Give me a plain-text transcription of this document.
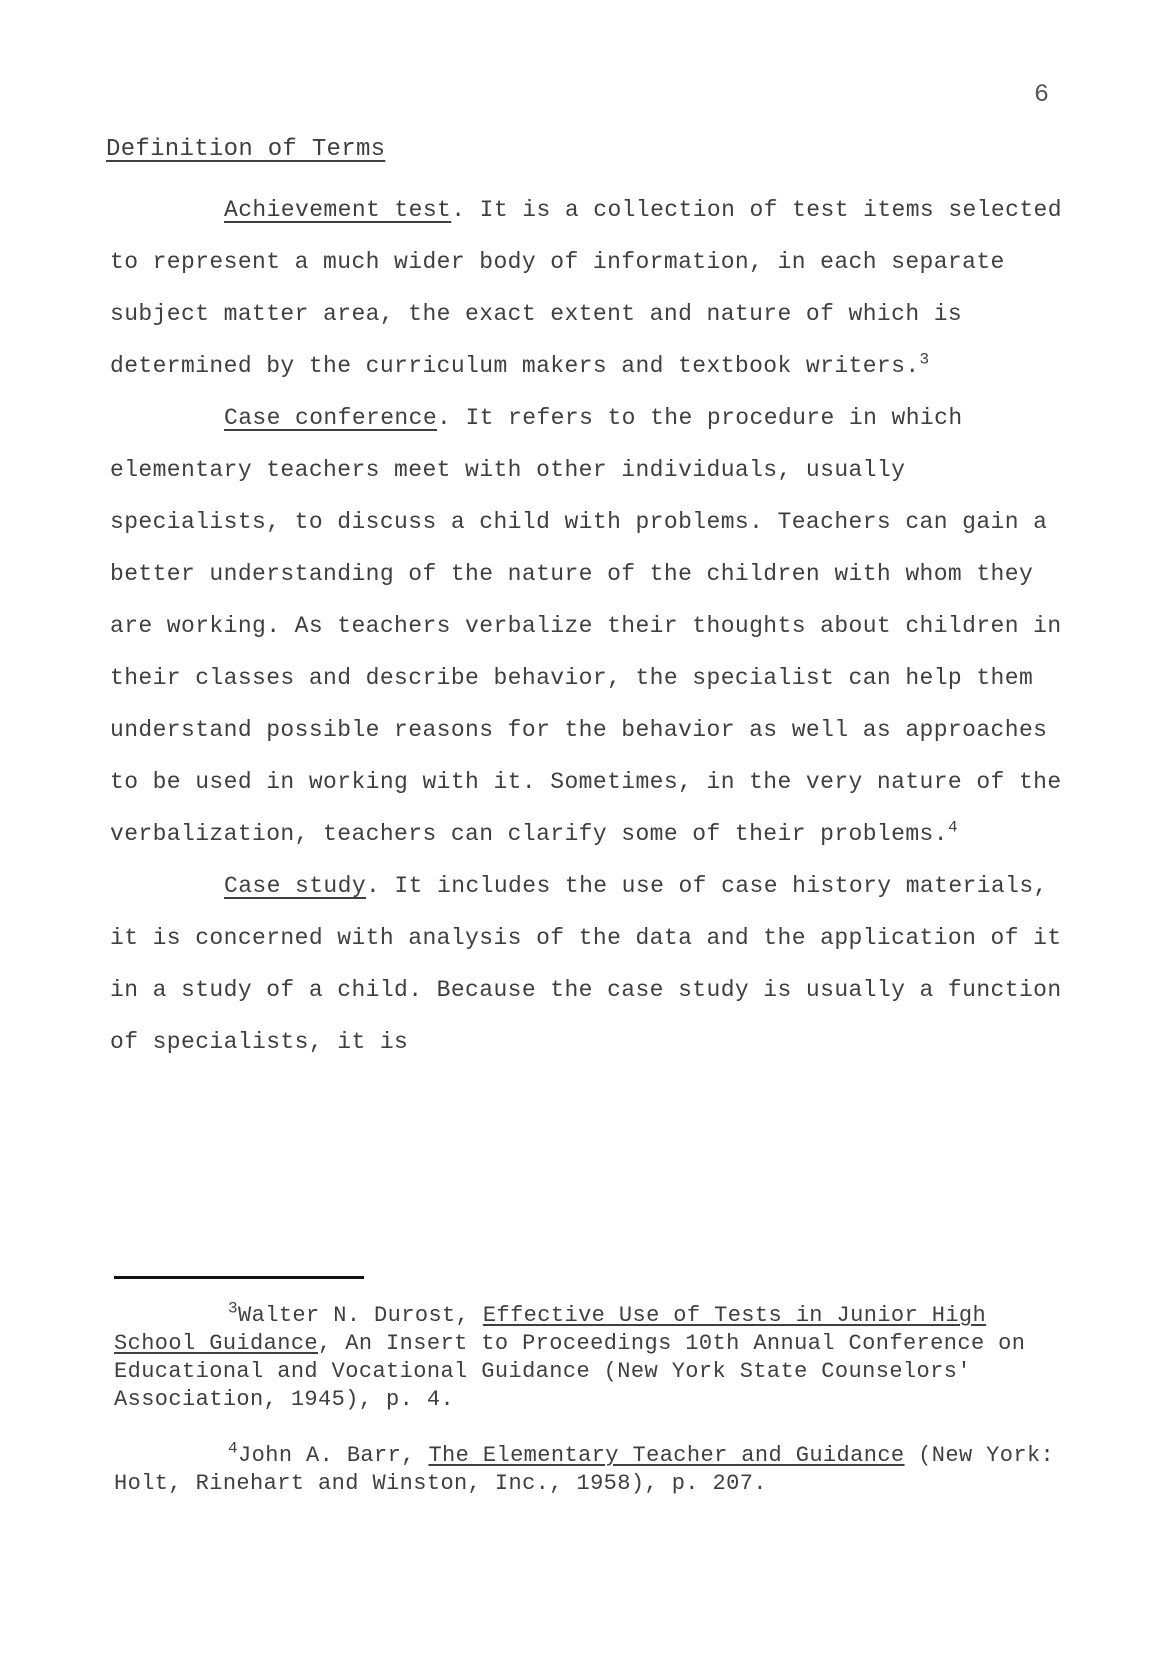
6
Definition of Terms

Achievement test. It is a collection of test items selected to represent a much wider body of information, in each separate subject matter area, the exact extent and nature of which is determined by the curriculum makers and textbook writers.$^3$

Case conference. It refers to the procedure in which elementary teachers meet with other individuals, usually specialists, to discuss a child with problems. Teachers can gain a better understanding of the nature of the children with whom they are working. As teachers verbalize their thoughts about children in their classes and describe behavior, the specialist can help them understand possible reasons for the behavior as well as approaches to be used in working with it. Sometimes, in the very nature of the verbalization, teachers can clarify some of their problems.$^4$

Case study. It includes the use of case history materials, it is concerned with analysis of the data and the application of it in a study of a child. Because the case study is usually a function of specialists, it is

$^3$Walter N. Durost, Effective Use of Tests in Junior High School Guidance, An Insert to Proceedings 10th Annual Conference on Educational and Vocational Guidance (New York State Counselors' Association, 1945), p. 4.

$^4$John A. Barr, The Elementary Teacher and Guidance (New York: Holt, Rinehart and Winston, Inc., 1958), p. 207.
